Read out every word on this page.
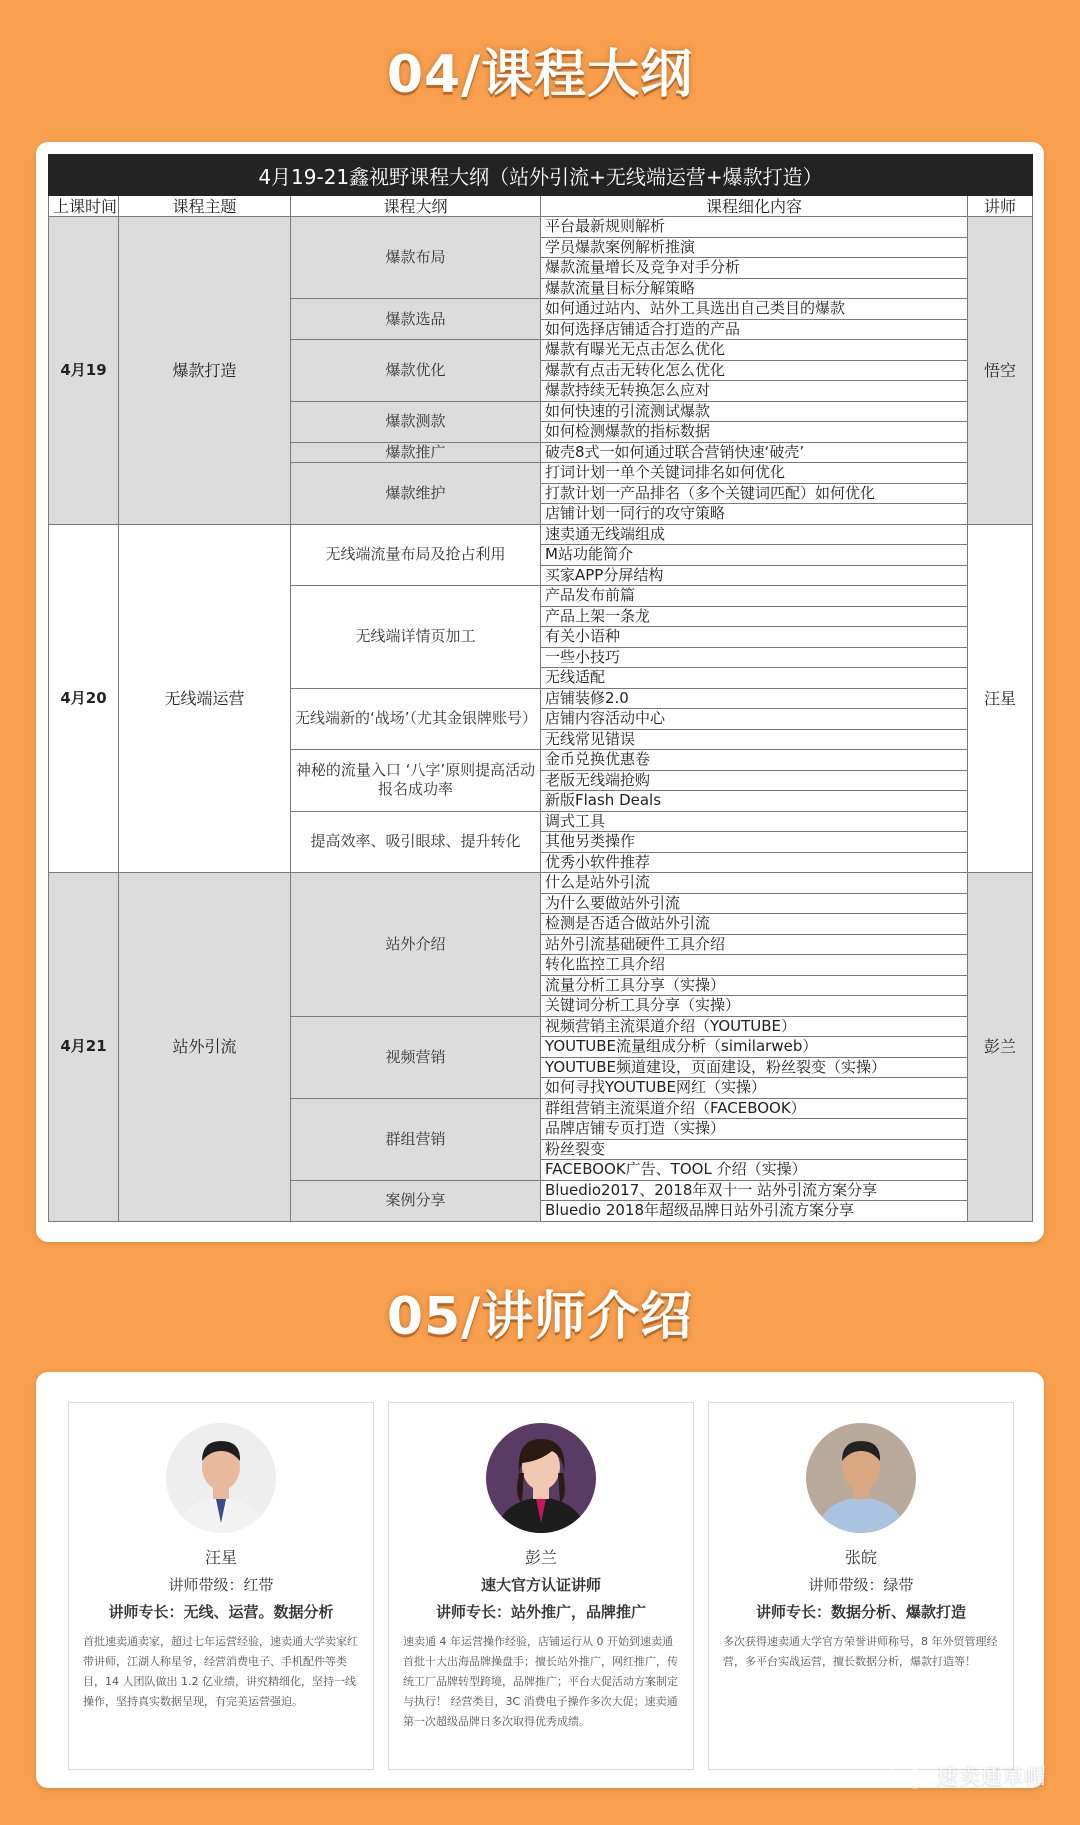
04/课程大纲
4月19-21鑫视野课程大纲（站外引流+无线端运营+爆款打造）				
上课时间	课程主题	课程大纲	课程细化内容	讲师
4月19	爆款打造	爆款布局	平台最新规则解析	悟空
			学员爆款案例解析推演	
			爆款流量增长及竞争对手分析	
			爆款流量目标分解策略	
		爆款选品	如何通过站内、站外工具选出自己类目的爆款	
			如何选择店铺适合打造的产品	
		爆款优化	爆款有曝光无点击怎么优化	
			爆款有点击无转化怎么优化	
			爆款持续无转换怎么应对	
		爆款测款	如何快速的引流测试爆款	
			如何检测爆款的指标数据	
		爆款推广	破壳8式一如何通过联合营销快速‘破壳’	
		爆款维护	打词计划一单个关键词排名如何优化	
			打款计划一产品排名（多个关键词匹配）如何优化	
			店铺计划一同行的攻守策略	
4月20	无线端运营	无线端流量布局及抢占利用	速卖通无线端组成	汪星
			M站功能简介	
			买家APP分屏结构	
		无线端详情页加工	产品发布前篇	
			产品上架一条龙	
			有关小语种	
			一些小技巧	
			无线适配	
		无线端新的‘战场’（尤其金银牌账号）	店铺装修2.0	
			店铺内容活动中心	
			无线常见错误	
		神秘的流量入口 ‘八字’原则提高活动报名成功率	金币兑换优惠卷	
			老版无线端抢购	
			新版Flash Deals	
		提高效率、吸引眼球、提升转化	调式工具	
			其他另类操作	
			优秀小软件推荐	
4月21	站外引流	站外介绍	什么是站外引流	彭兰
			为什么要做站外引流	
			检测是否适合做站外引流	
			站外引流基础硬件工具介绍	
			转化监控工具介绍	
			流量分析工具分享（实操）	
			关键词分析工具分享（实操）	
		视频营销	视频营销主流渠道介绍（YOUTUBE）	
			YOUTUBE流量组成分析（similarweb）	
			YOUTUBE频道建设，页面建设，粉丝裂变（实操）	
			如何寻找YOUTUBE网红（实操）	
		群组营销	群组营销主流渠道介绍（FACEBOOK）	
			品牌店铺专页打造（实操）	
			粉丝裂变	
			FACEBOOK广告、TOOL 介绍（实操）	
		案例分享	Bluedio2017、2018年双十一 站外引流方案分享	
			Bluedio 2018年超级品牌日站外引流方案分享	
05/讲师介绍
汪星
讲师带级：红带
讲师专长：无线、运营。数据分析
首批速卖通卖家，超过七年运营经验，速卖通大学卖家红带讲师，江湖人称星爷，经营消费电子、手机配件等类目，14 人团队做出 1.2 亿业绩，讲究精细化，坚持一线操作，坚持真实数据呈现，有完美运营强迫。
彭兰
速大官方认证讲师
讲师专长：站外推广，品牌推广
速卖通 4 年运营操作经验，店铺运行从 0 开始到速卖通首批十大出海品牌操盘手；擅长站外推广，网红推广，传统工厂品牌转型跨境，品牌推广；平台大促活动方案制定与执行！ 经营类目，3C 消费电子操作多次大促；速卖通第一次超级品牌日多次取得优秀成绩。
张皖
讲师带级：绿带
讲师专长：数据分析、爆款打造
多次获得速卖通大学官方荣誉讲师称号，8 年外贸管理经营，多平台实战运营，擅长数据分析，爆款打造等！
速卖通草帽
